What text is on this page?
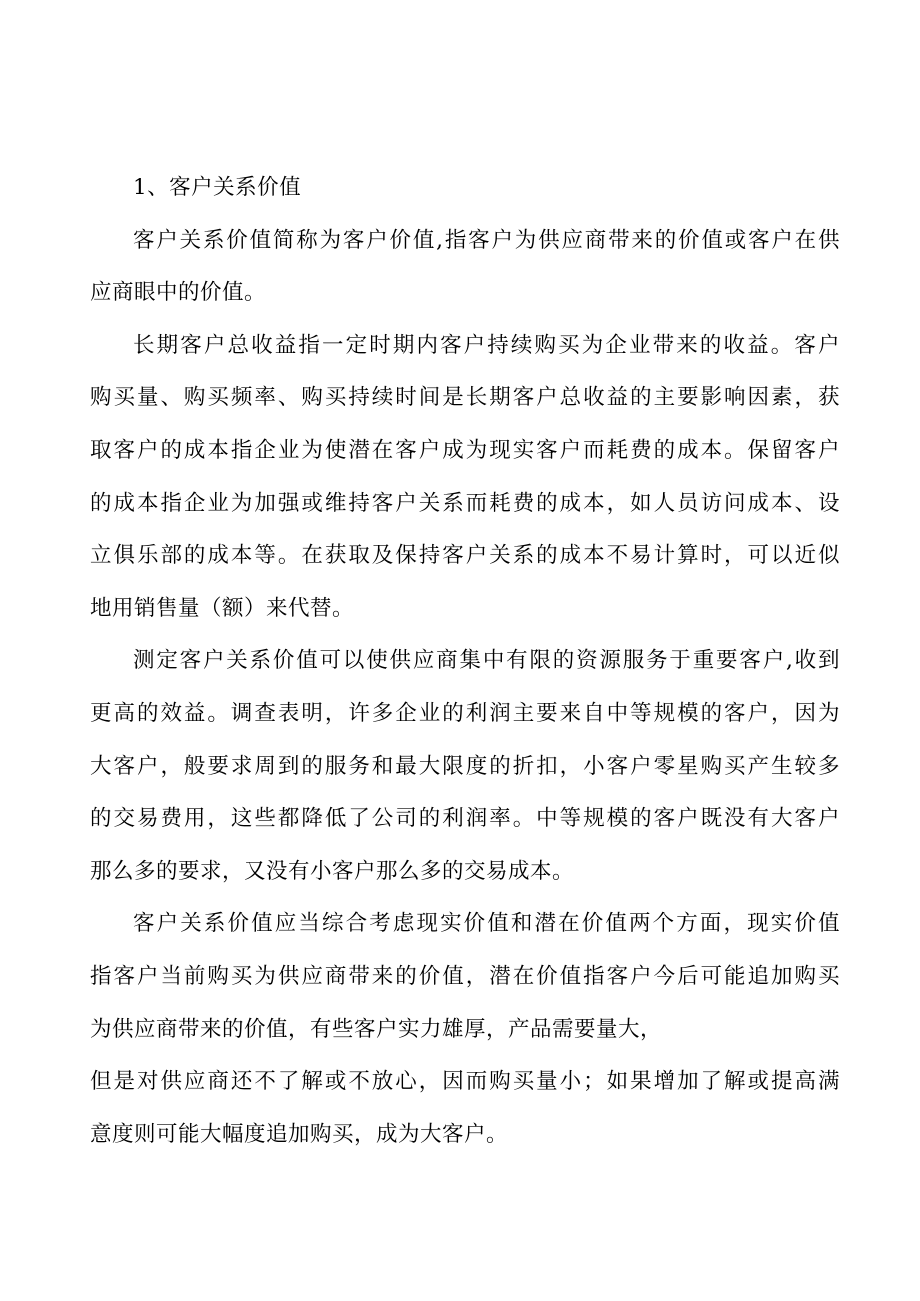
1、客户关系价值
客户关系价值简称为客户价值,指客户为供应商带来的价值或客户在供
应商眼中的价值。
长期客户总收益指一定时期内客户持续购买为企业带来的收益。客户
购买量、购买频率、购买持续时间是长期客户总收益的主要影响因素，获
取客户的成本指企业为使潜在客户成为现实客户而耗费的成本。保留客户
的成本指企业为加强或维持客户关系而耗费的成本，如人员访问成本、设
立俱乐部的成本等。在获取及保持客户关系的成本不易计算时，可以近似
地用销售量（额）来代替。
测定客户关系价值可以使供应商集中有限的资源服务于重要客户,收到
更高的效益。调查表明，许多企业的利润主要来自中等规模的客户，因为
大客户，般要求周到的服务和最大限度的折扣，小客户零星购买产生较多
的交易费用，这些都降低了公司的利润率。中等规模的客户既没有大客户
那么多的要求，又没有小客户那么多的交易成本。
客户关系价值应当综合考虑现实价值和潜在价值两个方面，现实价值
指客户当前购买为供应商带来的价值，潜在价值指客户今后可能追加购买
为供应商带来的价值，有些客户实力雄厚，产品需要量大，
但是对供应商还不了解或不放心，因而购买量小；如果增加了解或提高满
意度则可能大幅度追加购买，成为大客户。
